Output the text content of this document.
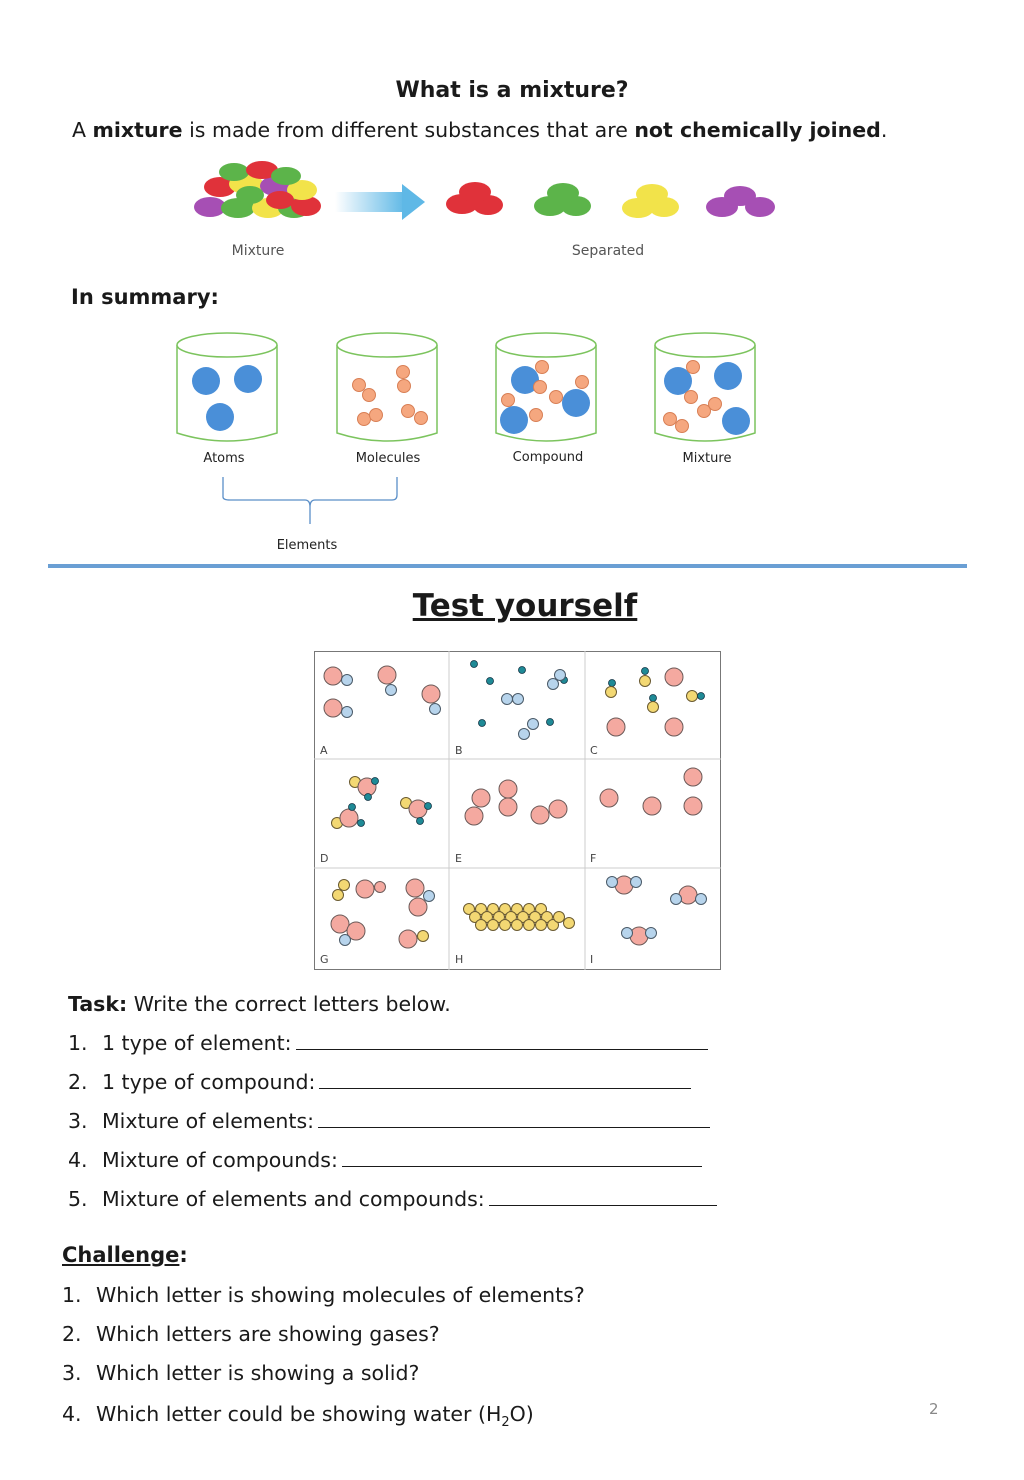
What is a mixture?
A mixture is made from different substances that are not chemically joined.
Mixture	Separated
In summary:
Atoms	Molecules	Compound	Mixture
Elements
Test yourself
A	B	C
D	E	F
G	H	I
Task: Write the correct letters below.
1. 1 type of element:
2. 1 type of compound:
3. Mixture of elements:
4. Mixture of compounds:
5. Mixture of elements and compounds:
Challenge:
1. Which letter is showing molecules of elements?
2. Which letters are showing gases?
3. Which letter is showing a solid?
4. Which letter could be showing water $(H_2O)$	2
